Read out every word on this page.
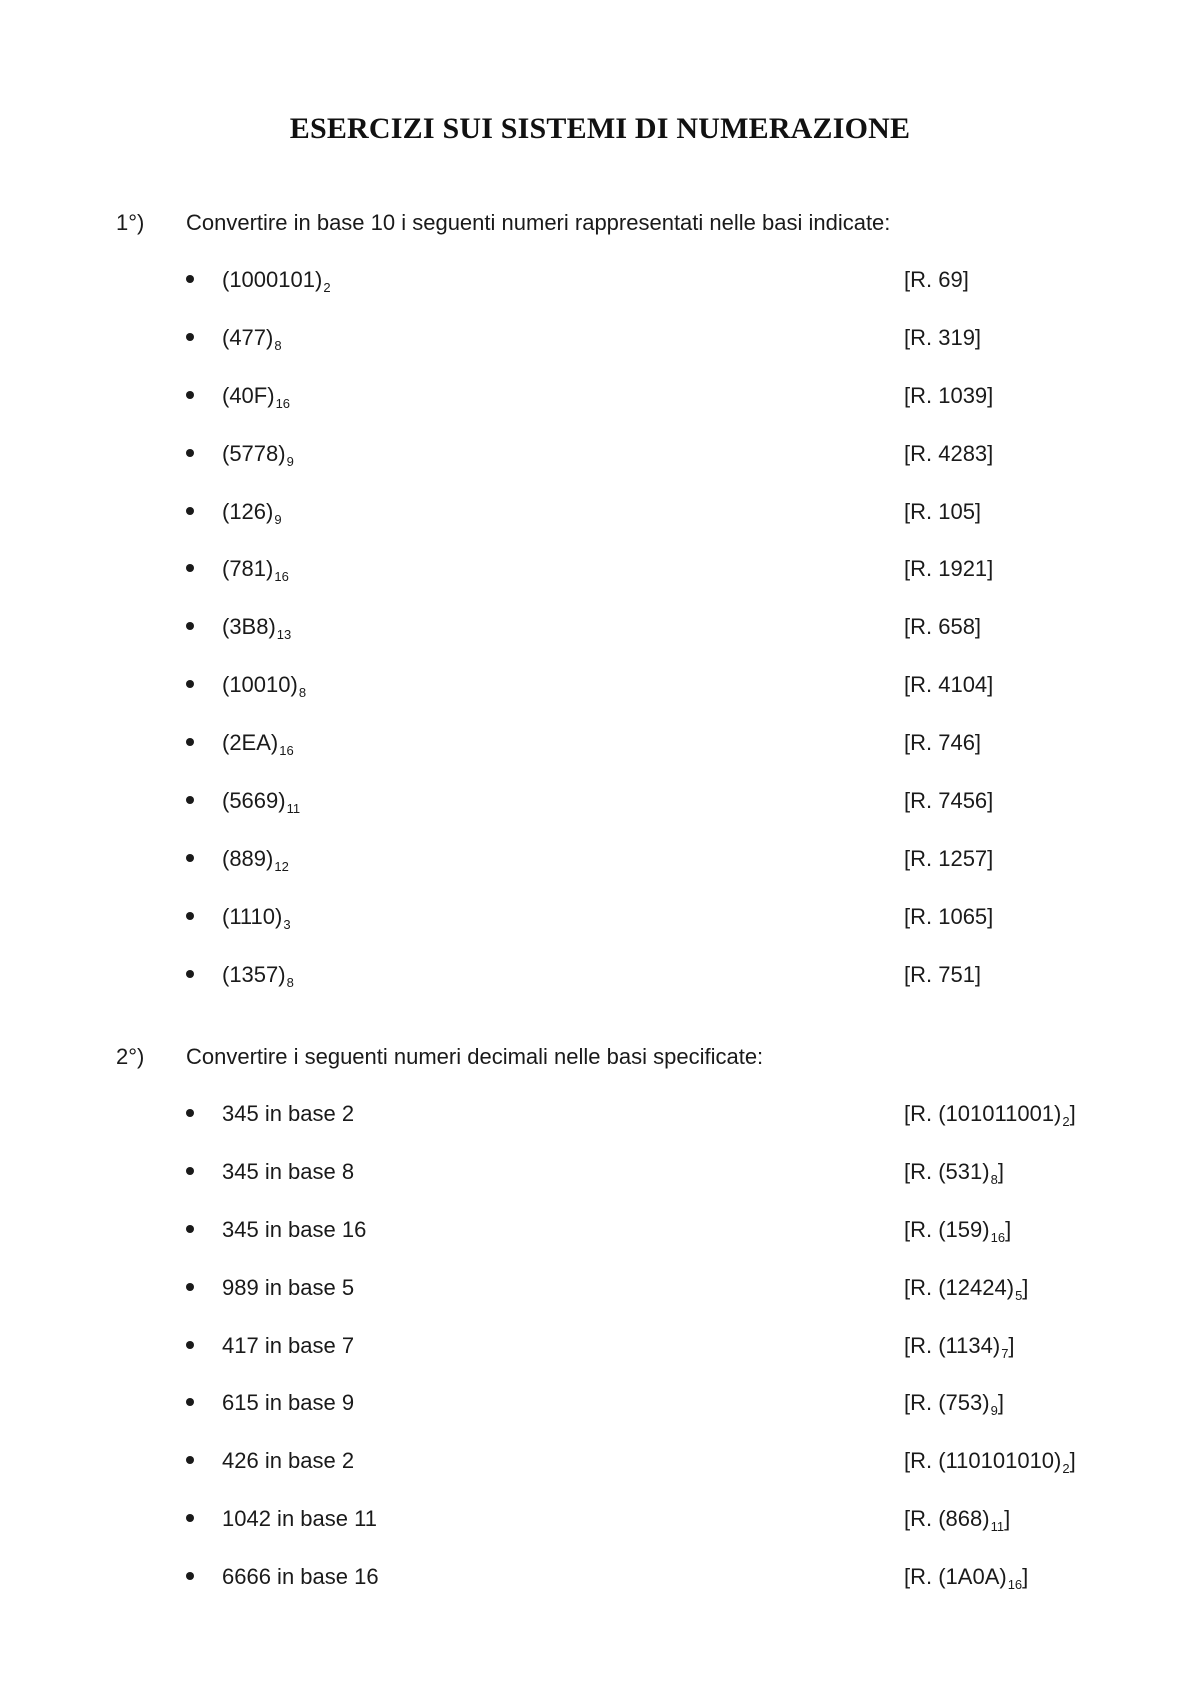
ESERCIZI SUI SISTEMI DI NUMERAZIONE
1°) Convertire in base 10 i seguenti numeri rappresentati nelle basi indicate:
$(1000101)_2$	[R. 69]
$(477)_8$	[R. 319]
$(40F)_{16}$	[R. 1039]
$(5778)_9$	[R. 4283]
$(126)_9$	[R. 105]
$(781)_{16}$	[R. 1921]
$(3B8)_{13}$	[R. 658]
$(10010)_8$	[R. 4104]
$(2EA)_{16}$	[R. 746]
$(5669)_{11}$	[R. 7456]
$(889)_{12}$	[R. 1257]
$(1110)_3$	[R. 1065]
$(1357)_8$	[R. 751]
2°) Convertire i seguenti numeri decimali nelle basi specificate:
345 in base 2	[R. $(101011001)_2$]
345 in base 8	[R. $(531)_8$]
345 in base 16	[R. $(159)_{16}$]
989 in base 5	[R. $(12424)_5$]
417 in base 7	[R. $(1134)_7$]
615 in base 9	[R. $(753)_9$]
426 in base 2	[R. $(110101010)_2$]
1042 in base 11	[R. $(868)_{11}$]
6666 in base 16	[R. $(1A0A)_{16}$]
